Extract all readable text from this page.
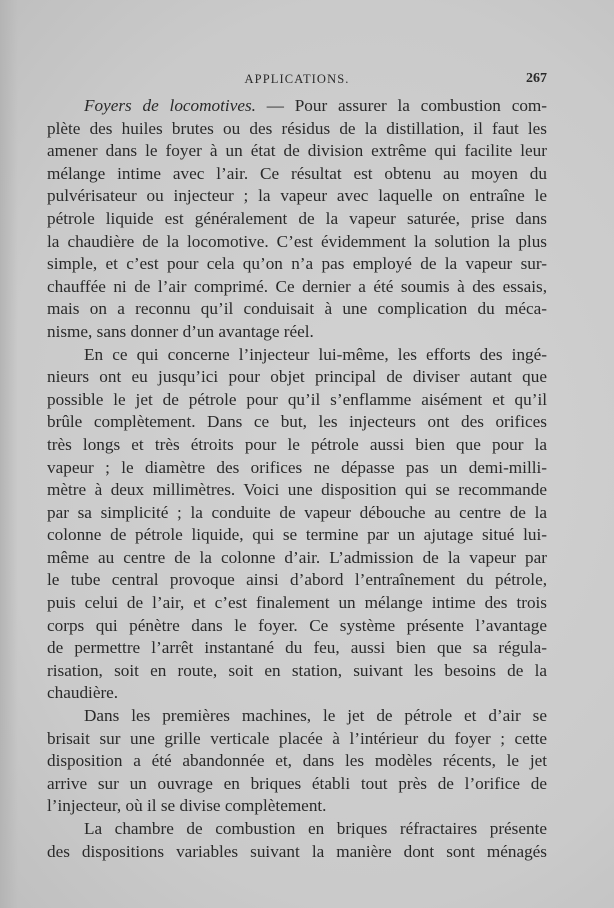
APPLICATIONS.	267
Foyers de locomotives. — Pour assurer la combustion com-
plète des huiles brutes ou des résidus de la distillation, il faut les
amener dans le foyer à un état de division extrême qui facilite leur
mélange intime avec l’air. Ce résultat est obtenu au moyen du
pulvérisateur ou injecteur ; la vapeur avec laquelle on entraîne le
pétrole liquide est généralement de la vapeur saturée, prise dans
la chaudière de la locomotive. C’est évidemment la solution la plus
simple, et c’est pour cela qu’on n’a pas employé de la vapeur sur-
chauffée ni de l’air comprimé. Ce dernier a été soumis à des essais,
mais on a reconnu qu’il conduisait à une complication du méca-
nisme, sans donner d’un avantage réel.
En ce qui concerne l’injecteur lui-même, les efforts des ingé-
nieurs ont eu jusqu’ici pour objet principal de diviser autant que
possible le jet de pétrole pour qu’il s’enflamme aisément et qu’il
brûle complètement. Dans ce but, les injecteurs ont des orifices
très longs et très étroits pour le pétrole aussi bien que pour la
vapeur ; le diamètre des orifices ne dépasse pas un demi-milli-
mètre à deux millimètres. Voici une disposition qui se recommande
par sa simplicité ; la conduite de vapeur débouche au centre de la
colonne de pétrole liquide, qui se termine par un ajutage situé lui-
même au centre de la colonne d’air. L’admission de la vapeur par
le tube central provoque ainsi d’abord l’entraînement du pétrole,
puis celui de l’air, et c’est finalement un mélange intime des trois
corps qui pénètre dans le foyer. Ce système présente l’avantage
de permettre l’arrêt instantané du feu, aussi bien que sa régula-
risation, soit en route, soit en station, suivant les besoins de la
chaudière.
Dans les premières machines, le jet de pétrole et d’air se
brisait sur une grille verticale placée à l’intérieur du foyer ; cette
disposition a été abandonnée et, dans les modèles récents, le jet
arrive sur un ouvrage en briques établi tout près de l’orifice de
l’injecteur, où il se divise complètement.
La chambre de combustion en briques réfractaires présente
des dispositions variables suivant la manière dont sont ménagés
